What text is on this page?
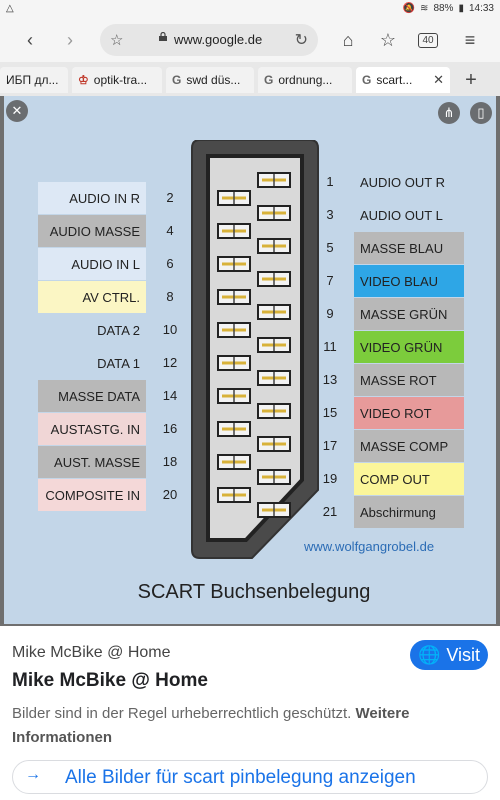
△	🔕 ≋ 88% ▮ 14:33
‹	›	☆	www.google.de ↻	⌂	☆	40	≡
ИБП дл... ♔ optik-tra... G swd düs... G ordnung... G scart... ✕	+
AUDIO IN R	2
AUDIO MASSE	4
AUDIO IN L	6
AV CTRL.	8
DATA 2	10
DATA 1	12
MASSE DATA	14
AUSTASTG. IN	16
AUST. MASSE	18
COMPOSITE IN	20
1	AUDIO OUT R
3	AUDIO OUT L
5	MASSE BLAU
7	VIDEO BLAU
9	MASSE GRÜN
11	VIDEO GRÜN
13	MASSE ROT
15	VIDEO ROT
17	MASSE COMP
19	COMP OUT
21	Abschirmung
www.wolfgangrobel.de
SCART Buchsenbelegung
✕	⋔	▯
Mike McBike @ Home	🌐 Visit
Mike McBike @ Home
Bilder sind in der Regel urheberrechtlich geschützt. Weitere Informationen
→ Alle Bilder für scart pinbelegung anzeigen
